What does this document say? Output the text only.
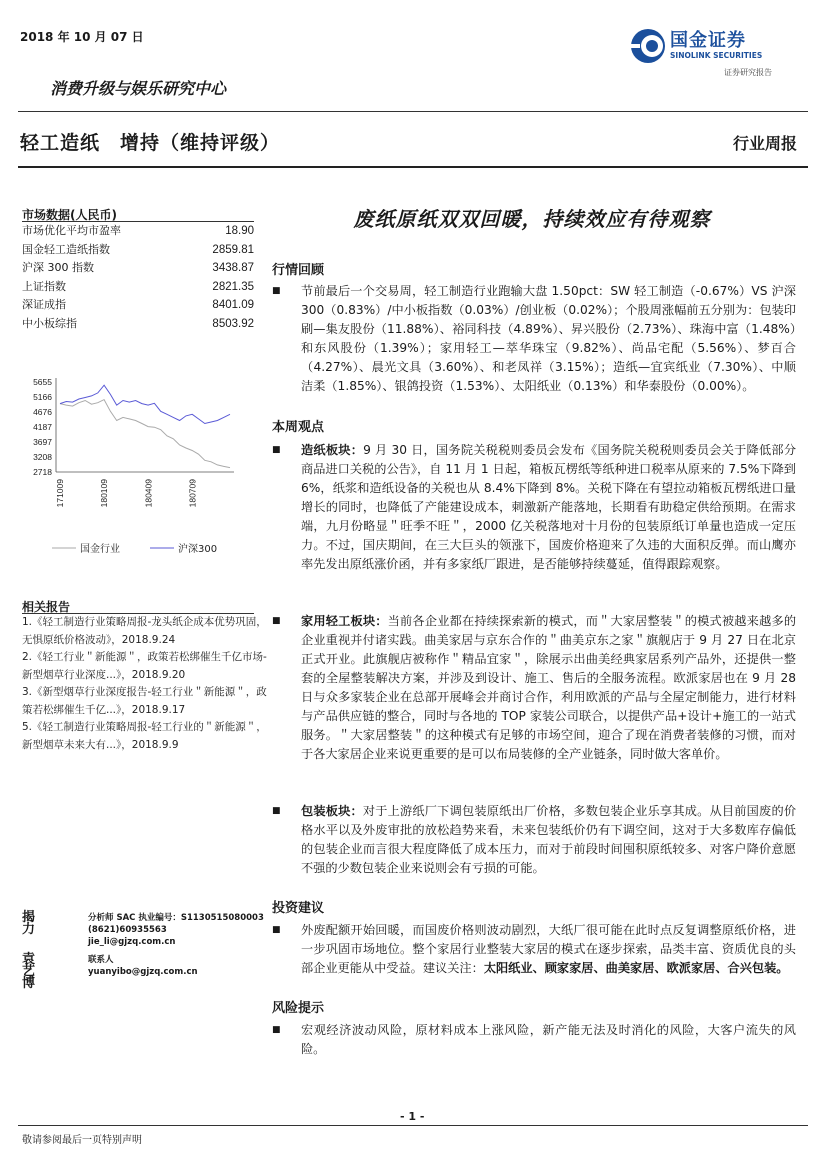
2018 年 10 月 07 日	国金证券
SINOLINK SECURITIES
证券研究报告
消费升级与娱乐研究中心
轻工造纸　增持（维持评级）	行业周报
市场数据(人民币)
市场优化平均市盈率	18.90
国金轻工造纸指数	2859.81
沪深 300 指数	3438.87
上证指数	2821.35
深证成指	8401.09
中小板综指	8503.92
5655
5166
4676
4187
3697
3208
2718
171009	180109	180409	180709
国金行业	沪深300
相关报告

1.《轻工制造行业策略周报-龙头纸企成本优势巩固，无惧原纸价格波动》，2018.9.24

2.《轻工行业＂新能源＂，政策若松绑催生千亿市场-新型烟草行业深度...》，2018.9.20

3.《新型烟草行业深度报告-轻工行业＂新能源＂，政策若松绑催生千亿...》，2018.9.17

5.《轻工制造行业策略周报-轻工行业的＂新能源＂，新型烟草未来大有...》，2018.9.9

揭力
分析师 SAC 执业编号：S1130515080003
(8621)60935563
jie_li@gjzq.com.cn
袁艺博
联系人
yuanyibo@gjzq.com.cn
废纸原纸双双回暖，持续效应有待观察
行情回顾
■ 节前最后一个交易周，轻工制造行业跑输大盘 1.50pct：SW 轻工制造（-0.67%）VS 沪深 300（0.83%）/中小板指数（0.03%）/创业板（0.02%）；个股周涨幅前五分别为：包装印刷—集友股份（11.88%）、裕同科技（4.89%）、昇兴股份（2.73%）、珠海中富（1.48%）和东风股份（1.39%）；家用轻工—萃华珠宝（9.82%）、尚品宅配（5.56%）、梦百合（4.27%）、晨光文具（3.60%）、和老凤祥（3.15%）；造纸—宜宾纸业（7.30%）、中顺洁柔（1.85%）、银鸽投资（1.53%）、太阳纸业（0.13%）和华泰股份（0.00%）。
本周观点
■ 造纸板块：9 月 30 日，国务院关税税则委员会发布《国务院关税税则委员会关于降低部分商品进口关税的公告》，自 11 月 1 日起，箱板瓦楞纸等纸种进口税率从原来的 7.5%下降到 6%，纸浆和造纸设备的关税也从 8.4%下降到 8%。关税下降在有望拉动箱板瓦楞纸进口量增长的同时，也降低了产能建设成本，刺激新产能落地，长期看有助稳定供给预期。在需求端，九月份略显＂旺季不旺＂，2000 亿关税落地对十月份的包装原纸订单量也造成一定压力。不过，国庆期间，在三大巨头的领涨下，国废价格迎来了久违的大面积反弹。而山鹰亦率先发出原纸涨价函，并有多家纸厂跟进，是否能够持续蔓延，值得跟踪观察。
■ 家用轻工板块：当前各企业都在持续探索新的模式，而＂大家居整装＂的模式被越来越多的企业重视并付诸实践。曲美家居与京东合作的＂曲美京东之家＂旗舰店于 9 月 27 日在北京正式开业。此旗舰店被称作＂精品宜家＂，除展示出曲美经典家居系列产品外，还提供一整套的全屋整装解决方案，并涉及到设计、施工、售后的全服务流程。欧派家居也在 9 月 28 日与众多家装企业在总部开展峰会并商讨合作，利用欧派的产品与全屋定制能力，进行材料与产品供应链的整合，同时与各地的 TOP 家装公司联合，以提供产品+设计+施工的一站式服务。＂大家居整装＂的这种模式有足够的市场空间，迎合了现在消费者装修的习惯，而对于各大家居企业来说更重要的是可以布局装修的全产业链条，同时做大客单价。
■ 包装板块：对于上游纸厂下调包装原纸出厂价格，多数包装企业乐享其成。从目前国废的价格水平以及外废审批的放松趋势来看，未来包装纸价仍有下调空间，这对于大多数库存偏低的包装企业而言很大程度降低了成本压力，而对于前段时间囤积原纸较多、对客户降价意愿不强的少数包装企业来说则会有亏损的可能。
投资建议
■ 外废配额开始回暖，而国废价格则波动剧烈，大纸厂很可能在此时点反复调整原纸价格，进一步巩固市场地位。整个家居行业整装大家居的模式在逐步探索，品类丰富、资质优良的头部企业更能从中受益。建议关注：太阳纸业、顾家家居、曲美家居、欧派家居、合兴包装。
风险提示
■ 宏观经济波动风险，原材料成本上涨风险，新产能无法及时消化的风险，大客户流失的风险。
- 1 -
敬请参阅最后一页特别声明
